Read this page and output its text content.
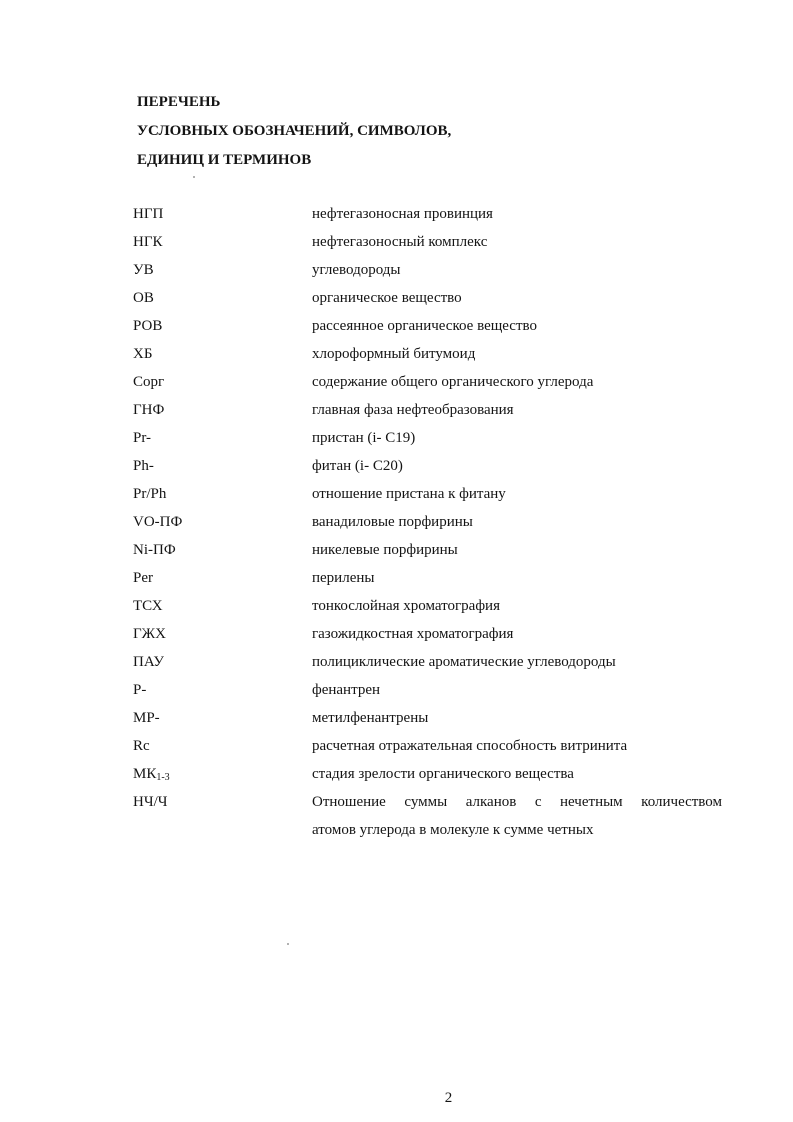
ПЕРЕЧЕНЬ
УСЛОВНЫХ ОБОЗНАЧЕНИЙ, СИМВОЛОВ,
ЕДИНИЦ И ТЕРМИНОВ
НГП	нефтегазоносная провинция
НГК	нефтегазоносный комплекс
УВ	углеводороды
ОВ	органическое вещество
РОВ	рассеянное органическое вещество
ХБ	хлороформный битумоид
Сорг	содержание общего органического углерода
ГНФ	главная фаза нефтеобразования
Pr-	пристан (i- C19)
Ph-	фитан (i- C20)
Pr/Ph	отношение пристана к фитану
VO-ПФ	ванадиловые порфирины
Ni-ПФ	никелевые порфирины
Per	перилены
ТСХ	тонкослойная хроматография
ГЖХ	газожидкостная хроматография
ПАУ	полициклические ароматические углеводороды
P-	фенантрен
MP-	метилфенантрены
Rc	расчетная отражательная способность витринита
$МК_{1-3}$	стадия зрелости органического вещества
НЧ/Ч	Отношение суммы алканов с нечетным количеством
атомов углерода в молекуле к сумме четных
2
